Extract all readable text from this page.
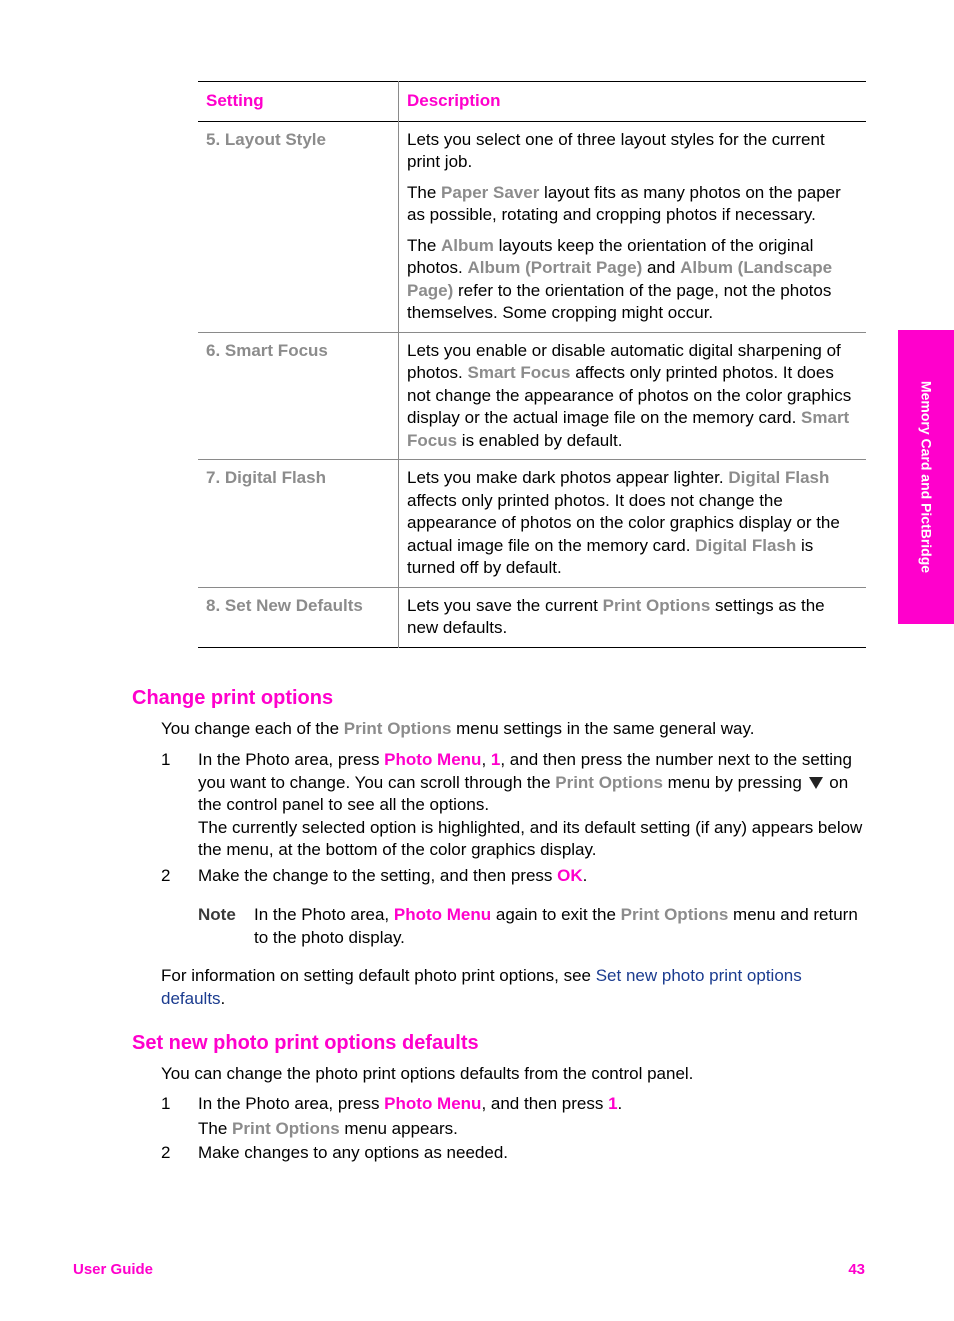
Setting	Description
5. Layout Style	Lets you select one of three layout styles for the current print job.

The Paper Saver layout fits as many photos on the paper as possible, rotating and cropping photos if necessary.

The Album layouts keep the orientation of the original photos. Album (Portrait Page) and Album (Landscape Page) refer to the orientation of the page, not the photos themselves. Some cropping might occur.

6. Smart Focus	Lets you enable or disable automatic digital sharpening of photos. Smart Focus affects only printed photos. It does not change the appearance of photos on the color graphics display or the actual image file on the memory card. Smart Focus is enabled by default.
7. Digital Flash	Lets you make dark photos appear lighter. Digital Flash affects only printed photos. It does not change the appearance of photos on the color graphics display or the actual image file on the memory card. Digital Flash is turned off by default.
8. Set New Defaults	Lets you save the current Print Options settings as the new defaults.
Change print options

You change each of the Print Options menu settings in the same general way.

1 In the Photo area, press Photo Menu, 1, and then press the number next to the setting you want to change. You can scroll through the Print Options menu by pressing  on the control panel to see all the options.
The currently selected option is highlighted, and its default setting (if any) appears below the menu, at the bottom of the color graphics display.
2 Make the change to the setting, and then press OK.
Note In the Photo area, Photo Menu again to exit the Print Options menu and return to the photo display.

For information on setting default photo print options, see Set new photo print options defaults.

Set new photo print options defaults

You can change the photo print options defaults from the control panel.

1 In the Photo area, press Photo Menu, and then press 1.
The Print Options menu appears.
2 Make changes to any options as needed.
Memory Card and PictBridge
User Guide	43
